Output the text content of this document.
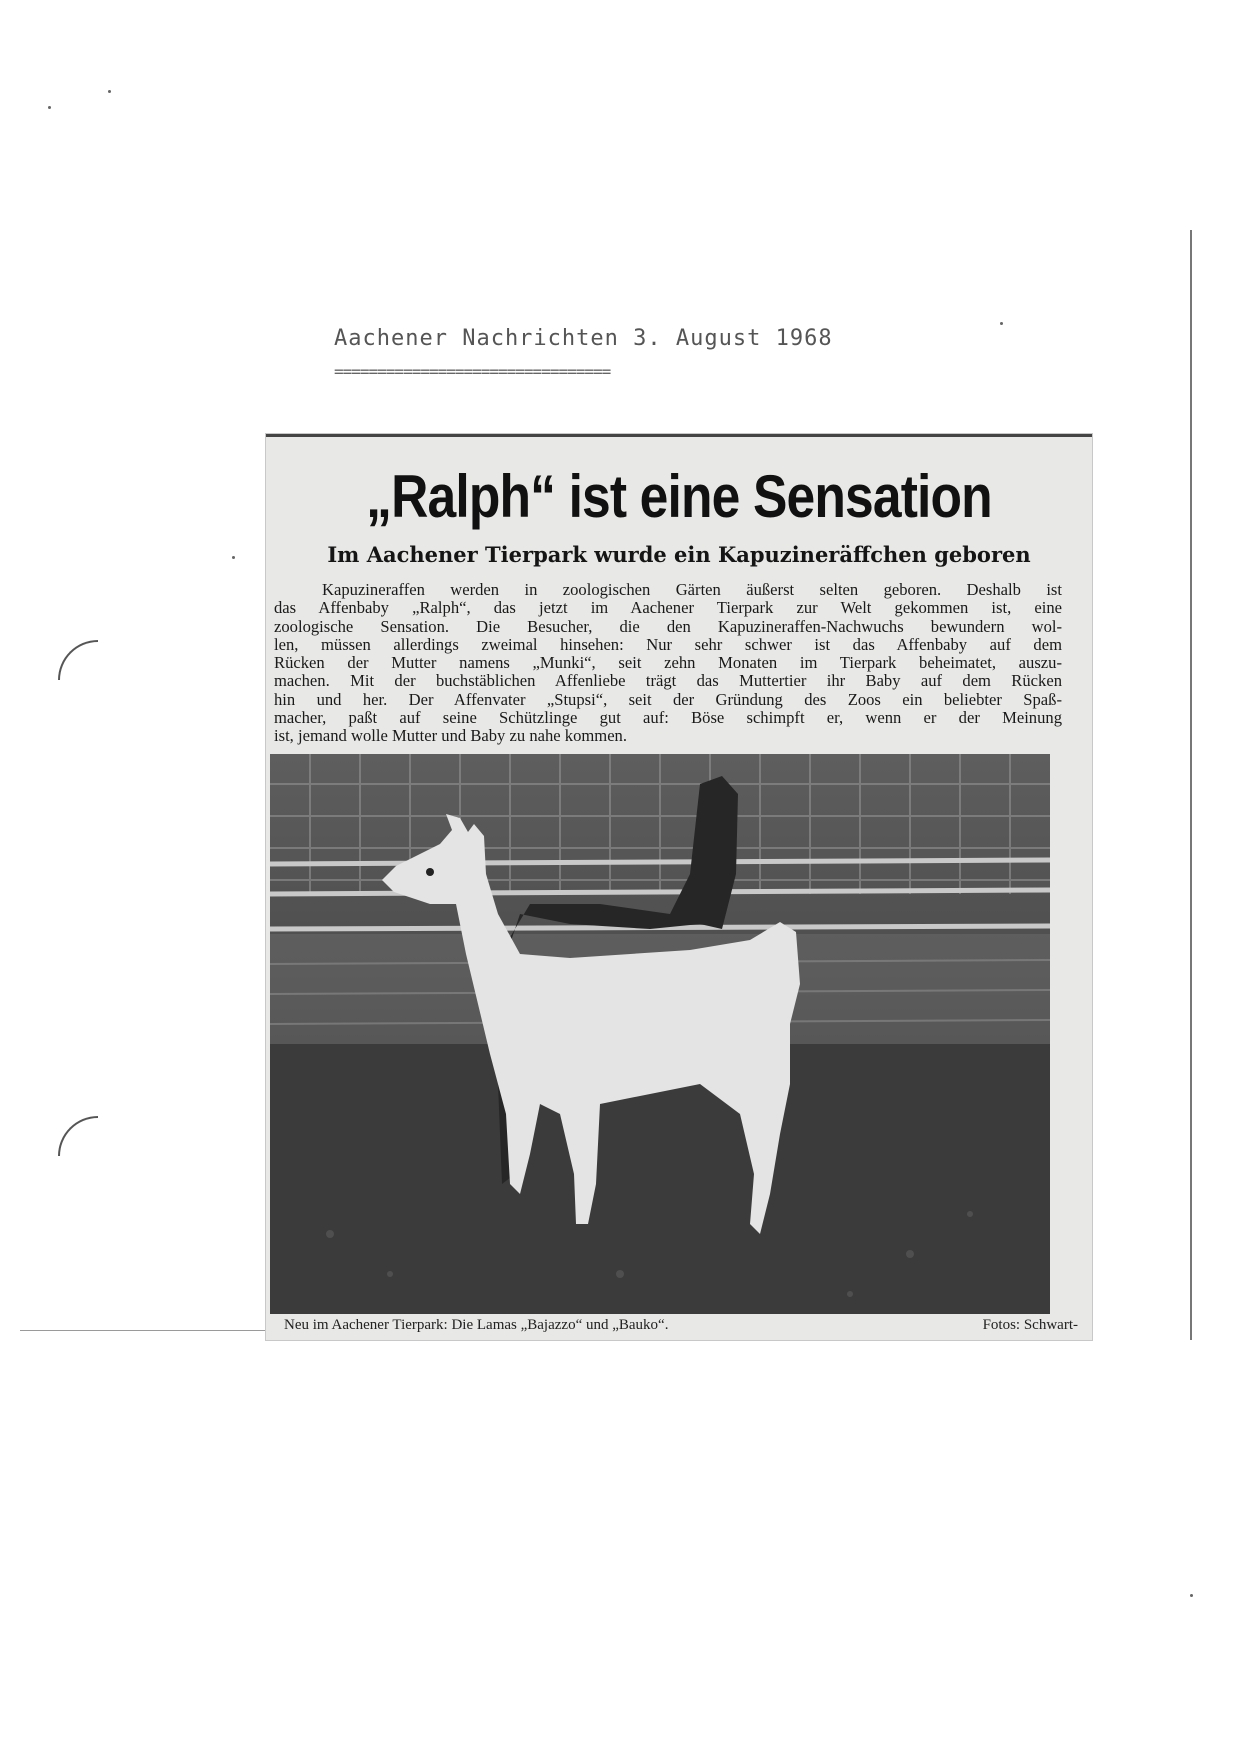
Aachener Nachrichten 3. August 1968
================================
„Ralph“ ist eine Sensation
Im Aachener Tierpark wurde ein Kapuzineräffchen geboren
Kapuzineraffen werden in zoologischen Gärten äußerst selten geboren. Deshalb ist
das Affenbaby „Ralph“, das jetzt im Aachener Tierpark zur Welt gekommen ist, eine
zoologische Sensation. Die Besucher, die den Kapuzineraffen-Nachwuchs bewundern wol-
len, müssen allerdings zweimal hinsehen: Nur sehr schwer ist das Affenbaby auf dem
Rücken der Mutter namens „Munki“, seit zehn Monaten im Tierpark beheimatet, auszu-
machen. Mit der buchstäblichen Affenliebe trägt das Muttertier ihr Baby auf dem Rücken
hin und her. Der Affenvater „Stupsi“, seit der Gründung des Zoos ein beliebter Spaß-
macher, paßt auf seine Schützlinge gut auf: Böse schimpft er, wenn er der Meinung
ist, jemand wolle Mutter und Baby zu nahe kommen.
Neu im Aachener Tierpark: Die Lamas „Bajazzo“ und „Bauko“.	Fotos: Schwart-
